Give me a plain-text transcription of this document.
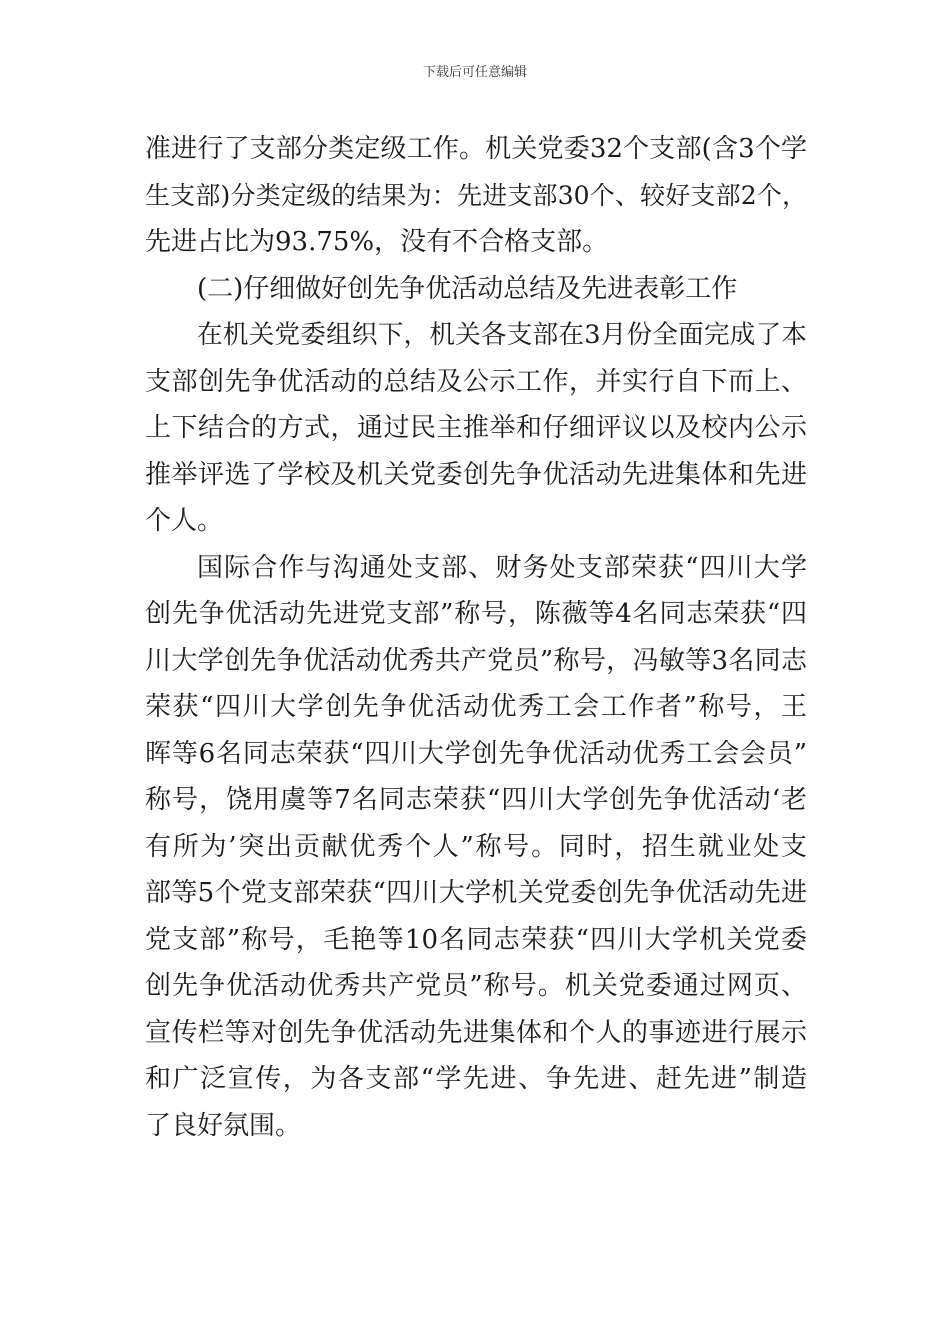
下载后可任意编辑
准进行了支部分类定级工作。机关党委32个支部(含3个学
生支部)分类定级的结果为：先进支部30个、较好支部2个，
先进占比为93.75%，没有不合格支部。
(二)仔细做好创先争优活动总结及先进表彰工作
在机关党委组织下，机关各支部在3月份全面完成了本
支部创先争优活动的总结及公示工作，并实行自下而上、
上下结合的方式，通过民主推举和仔细评议以及校内公示
推举评选了学校及机关党委创先争优活动先进集体和先进
个人。
国际合作与沟通处支部、财务处支部荣获“四川大学
创先争优活动先进党支部”称号，陈薇等4名同志荣获“四
川大学创先争优活动优秀共产党员”称号，冯敏等3名同志
荣获“四川大学创先争优活动优秀工会工作者”称号，王
晖等6名同志荣获“四川大学创先争优活动优秀工会会员”
称号，饶用虞等7名同志荣获“四川大学创先争优活动‘老
有所为’突出贡献优秀个人”称号。同时，招生就业处支
部等5个党支部荣获“四川大学机关党委创先争优活动先进
党支部”称号，毛艳等10名同志荣获“四川大学机关党委
创先争优活动优秀共产党员”称号。机关党委通过网页、
宣传栏等对创先争优活动先进集体和个人的事迹进行展示
和广泛宣传，为各支部“学先进、争先进、赶先进”制造
了良好氛围。
